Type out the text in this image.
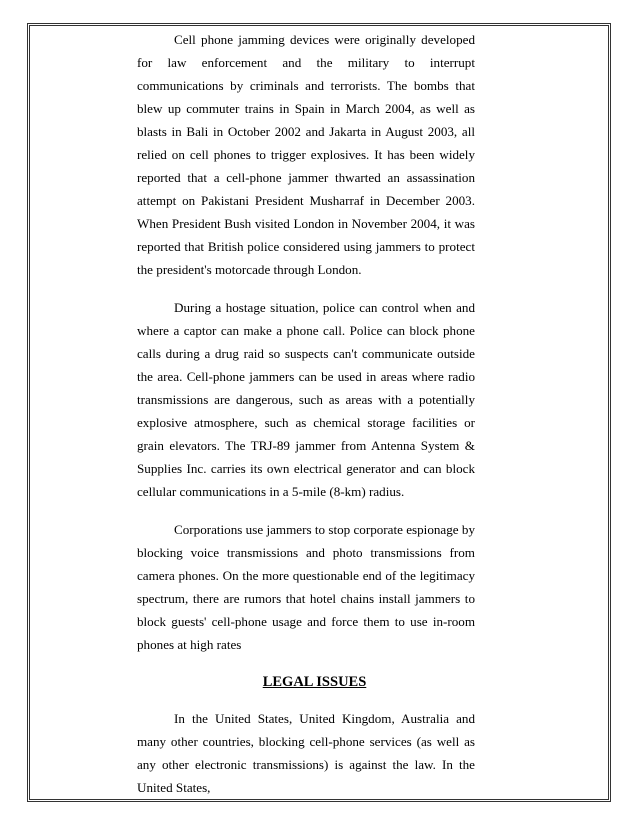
Cell phone jamming devices were originally developed for law enforcement and the military to interrupt communications by criminals and terrorists. The bombs that blew up commuter trains in Spain in March 2004, as well as blasts in Bali in October 2002 and Jakarta in August 2003, all relied on cell phones to trigger explosives. It has been widely reported that a cell-phone jammer thwarted an assassination attempt on Pakistani President Musharraf in December 2003. When President Bush visited London in November 2004, it was reported that British police considered using jammers to protect the president's motorcade through London.

During a hostage situation, police can control when and where a captor can make a phone call. Police can block phone calls during a drug raid so suspects can't communicate outside the area. Cell-phone jammers can be used in areas where radio transmissions are dangerous, such as areas with a potentially explosive atmosphere, such as chemical storage facilities or grain elevators. The TRJ-89 jammer from Antenna System & Supplies Inc. carries its own electrical generator and can block cellular communications in a 5-mile (8-km) radius.

Corporations use jammers to stop corporate espionage by blocking voice transmissions and photo transmissions from camera phones. On the more questionable end of the legitimacy spectrum, there are rumors that hotel chains install jammers to block guests' cell-phone usage and force them to use in-room phones at high rates

LEGAL ISSUES

In the United States, United Kingdom, Australia and many other countries, blocking cell-phone services (as well as any other electronic transmissions) is against the law. In the United States,
